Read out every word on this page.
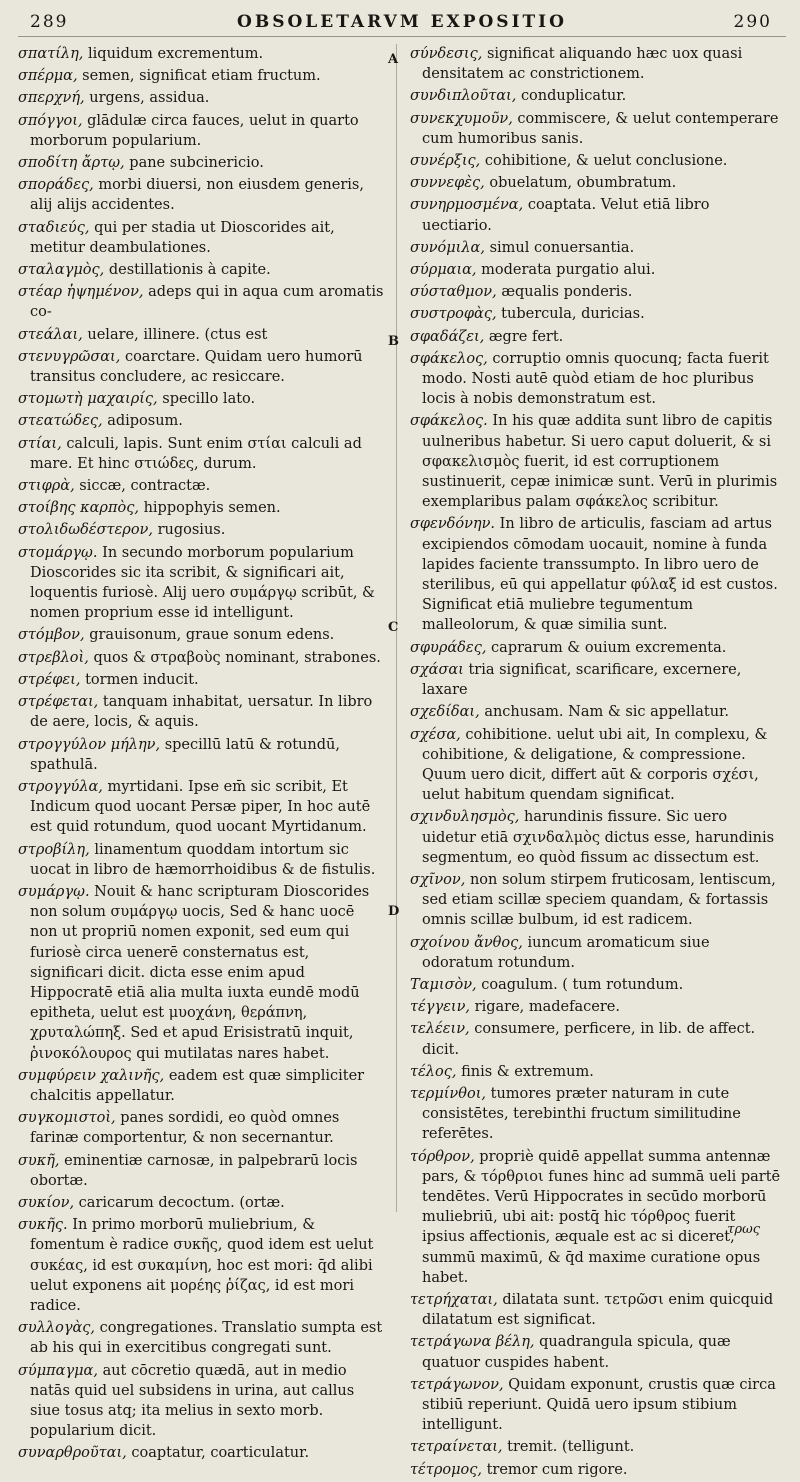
289	OBSOLETARVM EXPOSITIO	290
A
B
C
D

σπατίλη, liquidum excrementum.

σπέρμα, semen, significat etiam fructum.

σπερχνή, urgens, assidua.

σπόγγοι, glādulæ circa fauces, uelut in quarto morborum popularium.

σποδίτη ἄρτῳ, pane subcinericio.

σποράδες, morbi diuersi, non eiusdem generis, alij alijs accidentes.

σταδιεύς, qui per stadia ut Dioscorides ait, metitur deambulationes.

σταλαγμὸς, destillationis à capite.

στέαρ ἡψημένον, adeps qui in aqua cum aromatis co-

στεάλαι, uelare, illinere. (ctus est

στενυγρῶσαι, coarctare. Quidam uero humorū transitus concludere, ac resiccare.

στομωτὴ μαχαιρίς, specillo lato.

στεατώδες, adiposum.

στίαι, calculi, lapis. Sunt enim στίαι calculi ad mare. Et hinc στιώδες, durum.

στιφρὰ, siccæ, contractæ.

στοίβης καρπὸς, hippophyis semen.

στολιδωδέστερον, rugosius.

στομάργῳ. In secundo morborum popularium Dioscorides sic ita scribit, & significari ait, loquentis furiosè. Alij uero συμάργῳ scribūt, & nomen proprium esse id intelligunt.

στόμβον, grauisonum, graue sonum edens.

στρεβλοὶ, quos & στραβοὺς nominant, strabones.

στρέφει, tormen inducit.

στρέφεται, tanquam inhabitat, uersatur. In libro de aere, locis, & aquis.

στρογγύλον μήλην, specillū latū & rotundū, spathulā.

στρογγύλα, myrtidani. Ipse em̄ sic scribit, Et Indicum quod uocant Persæ piper, In hoc autē est quid rotundum, quod uocant Myrtidanum.

στροβίλη, linamentum quoddam intortum sic uocat in libro de hæmorrhoidibus & de fistulis.

συμάργῳ. Nouit & hanc scripturam Dioscorides non solum συμάργῳ uocis, Sed & hanc uocē non ut propriū nomen exponit, sed eum qui furiosè circa uenerē consternatus est, significari dicit. dicta esse enim apud Hippocratē etiā alia multa iuxta eundē modū epitheta, uelut est μυοχάνη, θεράπνη, χρυταλώπηξ. Sed et apud Erisistratū inquit, ῥινοκόλουρος qui mutilatas nares habet.

συμφύρειν χαλινῆς, eadem est quæ simpliciter chalcitis appellatur.

συγκομιστοὶ, panes sordidi, eo quòd omnes farinæ comportentur, & non secernantur.

συκῆ, eminentiæ carnosæ, in palpebrarū locis obortæ.

συκίον, caricarum decoctum. (ortæ.

συκῆς. In primo morborū muliebrium, & fomentum è radice συκῆς, quod idem est uelut συκέας, id est συκαμίνη, hoc est mori: q̄d alibi uelut exponens ait μορέης ῥίζας, id est mori radice.

συλλογὰς, congregationes. Translatio sumpta est ab his qui in exercitibus congregati sunt.

σύμπαγμα, aut cōcretio quædā, aut in medio natās quid uel subsidens in urina, aut callus siue tosus atq; ita melius in sexto morb. popularium dicit.

συναρθροῦται, coaptatur, coarticulatur.

σύνδεσις, significat aliquando hæc uox quasi densitatem ac constrictionem.

συνδιπλοῦται, conduplicatur.

συνεκχυμοῦν, commiscere, & uelut contemperare cum humoribus sanis.

συνέρξις, cohibitione, & uelut conclusione.

συννεφὲς, obuelatum, obumbratum.

συνηρμοσμένα, coaptata. Velut etiā libro uectiario.

συνόμιλα, simul conuersantia.

σύρμαια, moderata purgatio alui.

σύσταθμον, æqualis ponderis.

συστροφὰς, tubercula, duricias.

σφαδάζει, ægre fert.

σφάκελος, corruptio omnis quocunq; facta fuerit modo. Nosti autē quòd etiam de hoc pluribus locis à nobis demonstratum est.

σφάκελος. In his quæ addita sunt libro de capitis uulneribus habetur. Si uero caput doluerit, & si σφακελισμὸς fuerit, id est corruptionem sustinuerit, cepæ inimicæ sunt. Verū in plurimis exemplaribus palam σφάκελος scribitur.

σφενδόνην. In libro de articulis, fasciam ad artus excipiendos cōmodam uocauit, nomine à funda lapides faciente transsumpto. In libro uero de sterilibus, eū qui appellatur φύλαξ id est custos. Significat etiā muliebre tegumentum malleolorum, & quæ similia sunt.

σφυράδες, caprarum & ouium excrementa.

σχάσαι tria significat, scarificare, excernere, laxare

σχεδίδαι, anchusam. Nam & sic appellatur.

σχέσα, cohibitione. uelut ubi ait, In complexu, & cohibitione, & deligatione, & compressione. Quum uero dicit, differt aūt & corporis σχέσι, uelut habitum quendam significat.

σχινδυλησμὸς, harundinis fissure. Sic uero uidetur etiā σχινδαλμὸς dictus esse, harundinis segmentum, eo quòd fissum ac dissectum est.

σχῖνον, non solum stirpem fruticosam, lentiscum, sed etiam scillæ speciem quandam, & fortassis omnis scillæ bulbum, id est radicem.

σχοίνου ἄνθος, iuncum aromaticum siue odoratum rotundum.

Ταμισὸν, coagulum. ( tum rotundum.

τέγγειν, rigare, madefacere.

τελέειν, consumere, perficere, in lib. de affect. dicit.

τέλος, finis & extremum.

τερμίνθοι, tumores præter naturam in cute consistētes, terebinthi fructum similitudine referētes.

τόρθρον, propriè quidē appellat summa antennæ pars, & τόρθριοι funes hinc ad summā ueli partē tendētes. Verū Hippocrates in secūdo morborū muliebriū, ubi ait: postq̄ hic τόρθρος fuerit ipsius affectionis, æquale est ac si diceret, summū maximū, & q̄d maxime curatione opus habet.

τετρήχαται, dilatata sunt. τετρῶσι enim quicquid dilatatum est significat.

τετράγωνα βέλη, quadrangula spicula, quæ quatuor cuspides habent.

τετράγωνον, Quidam exponunt, crustis quæ circa stibiū reperiunt. Quidā uero ipsum stibium intelligunt.

τετραίνεται, tremit. (telligunt.

τέτρομος, tremor cum rigore.

τρως
